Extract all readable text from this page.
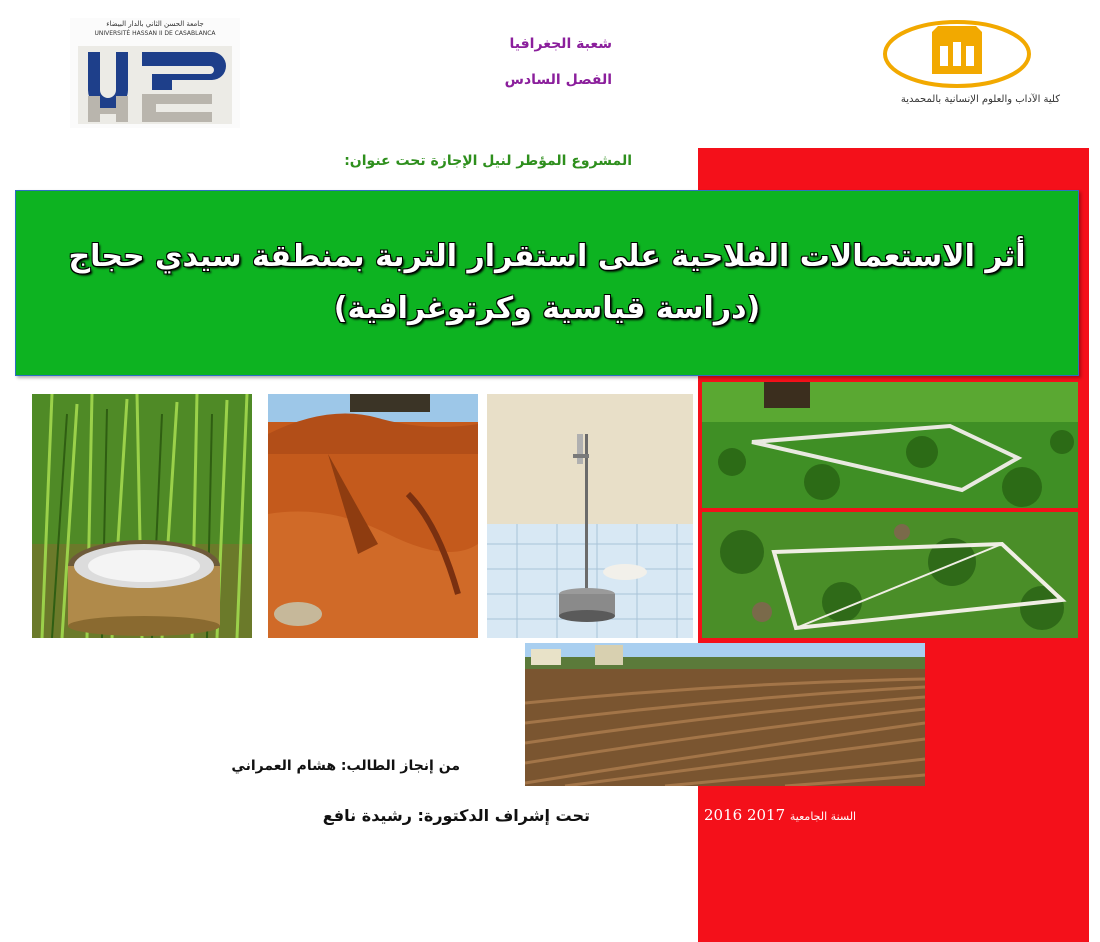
جامعة الحسن الثاني بالدار البيضاء
UNIVERSITÉ HASSAN II DE CASABLANCA
كلية الآداب والعلوم الإنسانية بالمحمدية
شعبة الجغرافيا
الفصل السادس
المشروع المؤطر لنيل الإجازة تحت عنوان:
أثر الاستعمالات الفلاحية على استقرار التربة بمنطقة سيدي حجاج
(دراسة قياسية وكرتوغرافية)
من إنجاز الطالب: هشام العمراني
تحت إشراف الدكتورة: رشيدة نافع	2016 2017 السنة الجامعية
